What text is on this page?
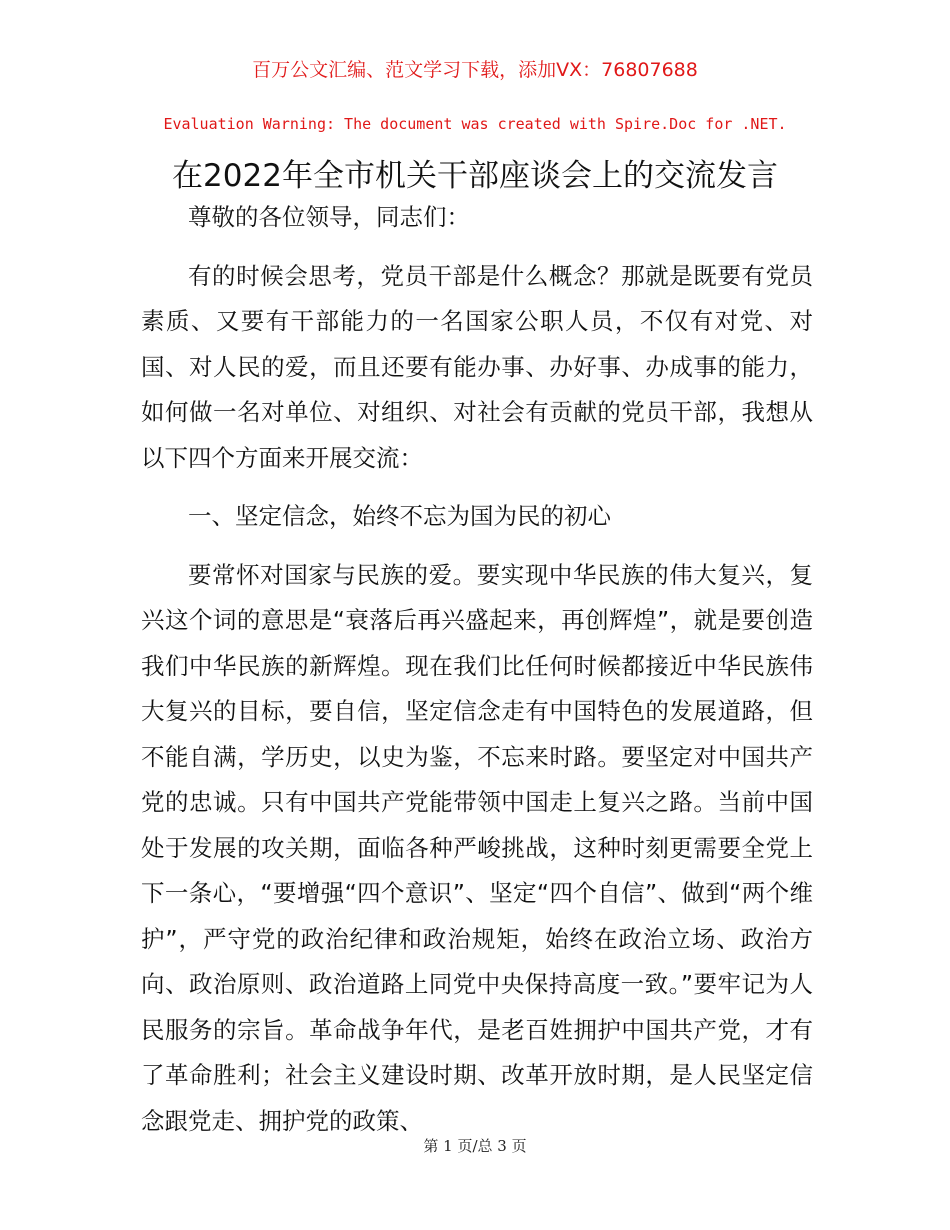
百万公文汇编、范文学习下载，添加VX：76807688
Evaluation Warning: The document was created with Spire.Doc for .NET.
在2022年全市机关干部座谈会上的交流发言

尊敬的各位领导，同志们：

有的时候会思考，党员干部是什么概念？那就是既要有党员素质、又要有干部能力的一名国家公职人员，不仅有对党、对国、对人民的爱，而且还要有能办事、办好事、办成事的能力，如何做一名对单位、对组织、对社会有贡献的党员干部，我想从以下四个方面来开展交流：

一、坚定信念，始终不忘为国为民的初心

要常怀对国家与民族的爱。要实现中华民族的伟大复兴，复兴这个词的意思是“衰落后再兴盛起来，再创辉煌”，就是要创造我们中华民族的新辉煌。现在我们比任何时候都接近中华民族伟大复兴的目标，要自信，坚定信念走有中国特色的发展道路，但不能自满，学历史，以史为鉴，不忘来时路。要坚定对中国共产党的忠诚。只有中国共产党能带领中国走上复兴之路。当前中国处于发展的攻关期，面临各种严峻挑战，这种时刻更需要全党上下一条心，“要增强“四个意识”、坚定“四个自信”、做到“两个维护”，严守党的政治纪律和政治规矩，始终在政治立场、政治方向、政治原则、政治道路上同党中央保持高度一致。”要牢记为人民服务的宗旨。革命战争年代，是老百姓拥护中国共产党，才有了革命胜利；社会主义建设时期、改革开放时期，是人民坚定信念跟党走、拥护党的政策、

第 1 页/总 3 页
